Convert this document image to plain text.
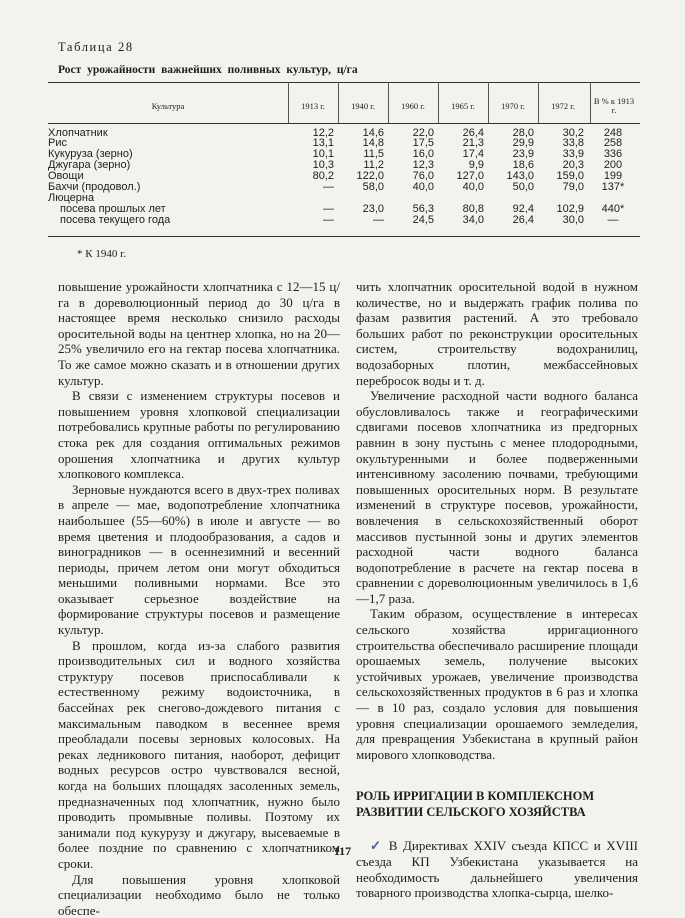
Таблица 28
Рост урожайности важнейших поливных культур, ц/га
Культура	1913 г.	1940 г.	1960 г.	1965 г.	1970 г.	1972 г.	В % к 1913 г.
Хлопчатник	12,2	14,6	22,0	26,4	28,0	30,2	248
Рис	13,1	14,8	17,5	21,3	29,9	33,8	258
Кукуруза (зерно)	10,1	11,5	16,0	17,4	23,9	33,9	336
Джугара (зерно)	10,3	11,2	12,3	9,9	18,6	20,3	200
Овощи	80,2	122,0	76,0	127,0	143,0	159,0	199
Бахчи (продовол.)	—	58,0	40,0	40,0	50,0	79,0	137*
Люцерна
посева прошлых лет	—	23,0	56,3	80,8	92,4	102,9	440*
посева текущего года	—	—	24,5	34,0	26,4	30,0	—
* К 1940 г.

повышение урожайности хлопчатника с 12—15 ц/га в дореволюционный период до 30 ц/га в настоящее время несколько снизило расходы оросительной воды на центнер хлопка, но на 20—25% увеличило его на гектар посева хлопчатника. То же самое можно сказать и в отношении других культур.

В связи с изменением структуры посевов и повышением уровня хлопковой специализации потребовались крупные работы по регулированию стока рек для создания оптимальных режимов орошения хлопчатника и других культур хлопкового комплекса.

Зерновые нуждаются всего в двух-трех поливах в апреле — мае, водопотребление хлопчатника наибольшее (55—60%) в июле и августе — во время цветения и плодообразования, а садов и виноградников — в осеннезимний и весенний периоды, причем летом они могут обходиться меньшими поливными нормами. Все это оказывает серьезное воздействие на формирование структуры посевов и размещение культур.

В прошлом, когда из-за слабого развития производительных сил и водного хозяйства структуру посевов приспосабливали к естественному режиму водоисточника, в бассейнах рек снегово-дождевого питания с максимальным паводком в весеннее время преобладали посевы зерновых колосовых. На реках ледникового питания, наоборот, дефицит водных ресурсов остро чувствовался весной, когда на больших площадях засоленных земель, предназначенных под хлопчатник, нужно было проводить промывные поливы. Поэтому их занимали под кукурузу и джугару, высеваемые в более поздние по сравнению с хлопчатником сроки.

Для повышения уровня хлопковой специализации необходимо было не только обеспе-

чить хлопчатник оросительной водой в нужном количестве, но и выдержать график полива по фазам развития растений. А это требовало больших работ по реконструкции оросительных систем, строительству водохранилиц, водозаборных плотин, межбассейновых перебросок воды и т. д.

Увеличение расходной части водного баланса обусловливалось также и географическими сдвигами посевов хлопчатника из предгорных равнин в зону пустынь с менее плодородными, окультуренными и более подверженными интенсивному засолению почвами, требующими повышенных оросительных норм. В результате изменений в структуре посевов, урожайности, вовлечения в сельскохозяйственный оборот массивов пустынной зоны и других элементов расходной части водного баланса водопотребление в расчете на гектар посева в сравнении с дореволюционным увеличилось в 1,6—1,7 раза.

Таким образом, осуществление в интересах сельского хозяйства ирригационного строительства обеспечивало расширение площади орошаемых земель, получение высоких устойчивых урожаев, увеличение производства сельскохозяйственных продуктов в 6 раз и хлопка — в 10 раз, создало условия для повышения уровня специализации орошаемого земледелия, для превращения Узбекистана в крупный район мирового хлопководства.

РОЛЬ ИРРИГАЦИИ В КОМПЛЕКСНОМ РАЗВИТИИ СЕЛЬСКОГО ХОЗЯЙСТВА

✓ В Директивах XXIV съезда КПСС и XVIII съезда КП Узбекистана указывается на необходимость дальнейшего увеличения товарного производства хлопка-сырца, шелко-

117
